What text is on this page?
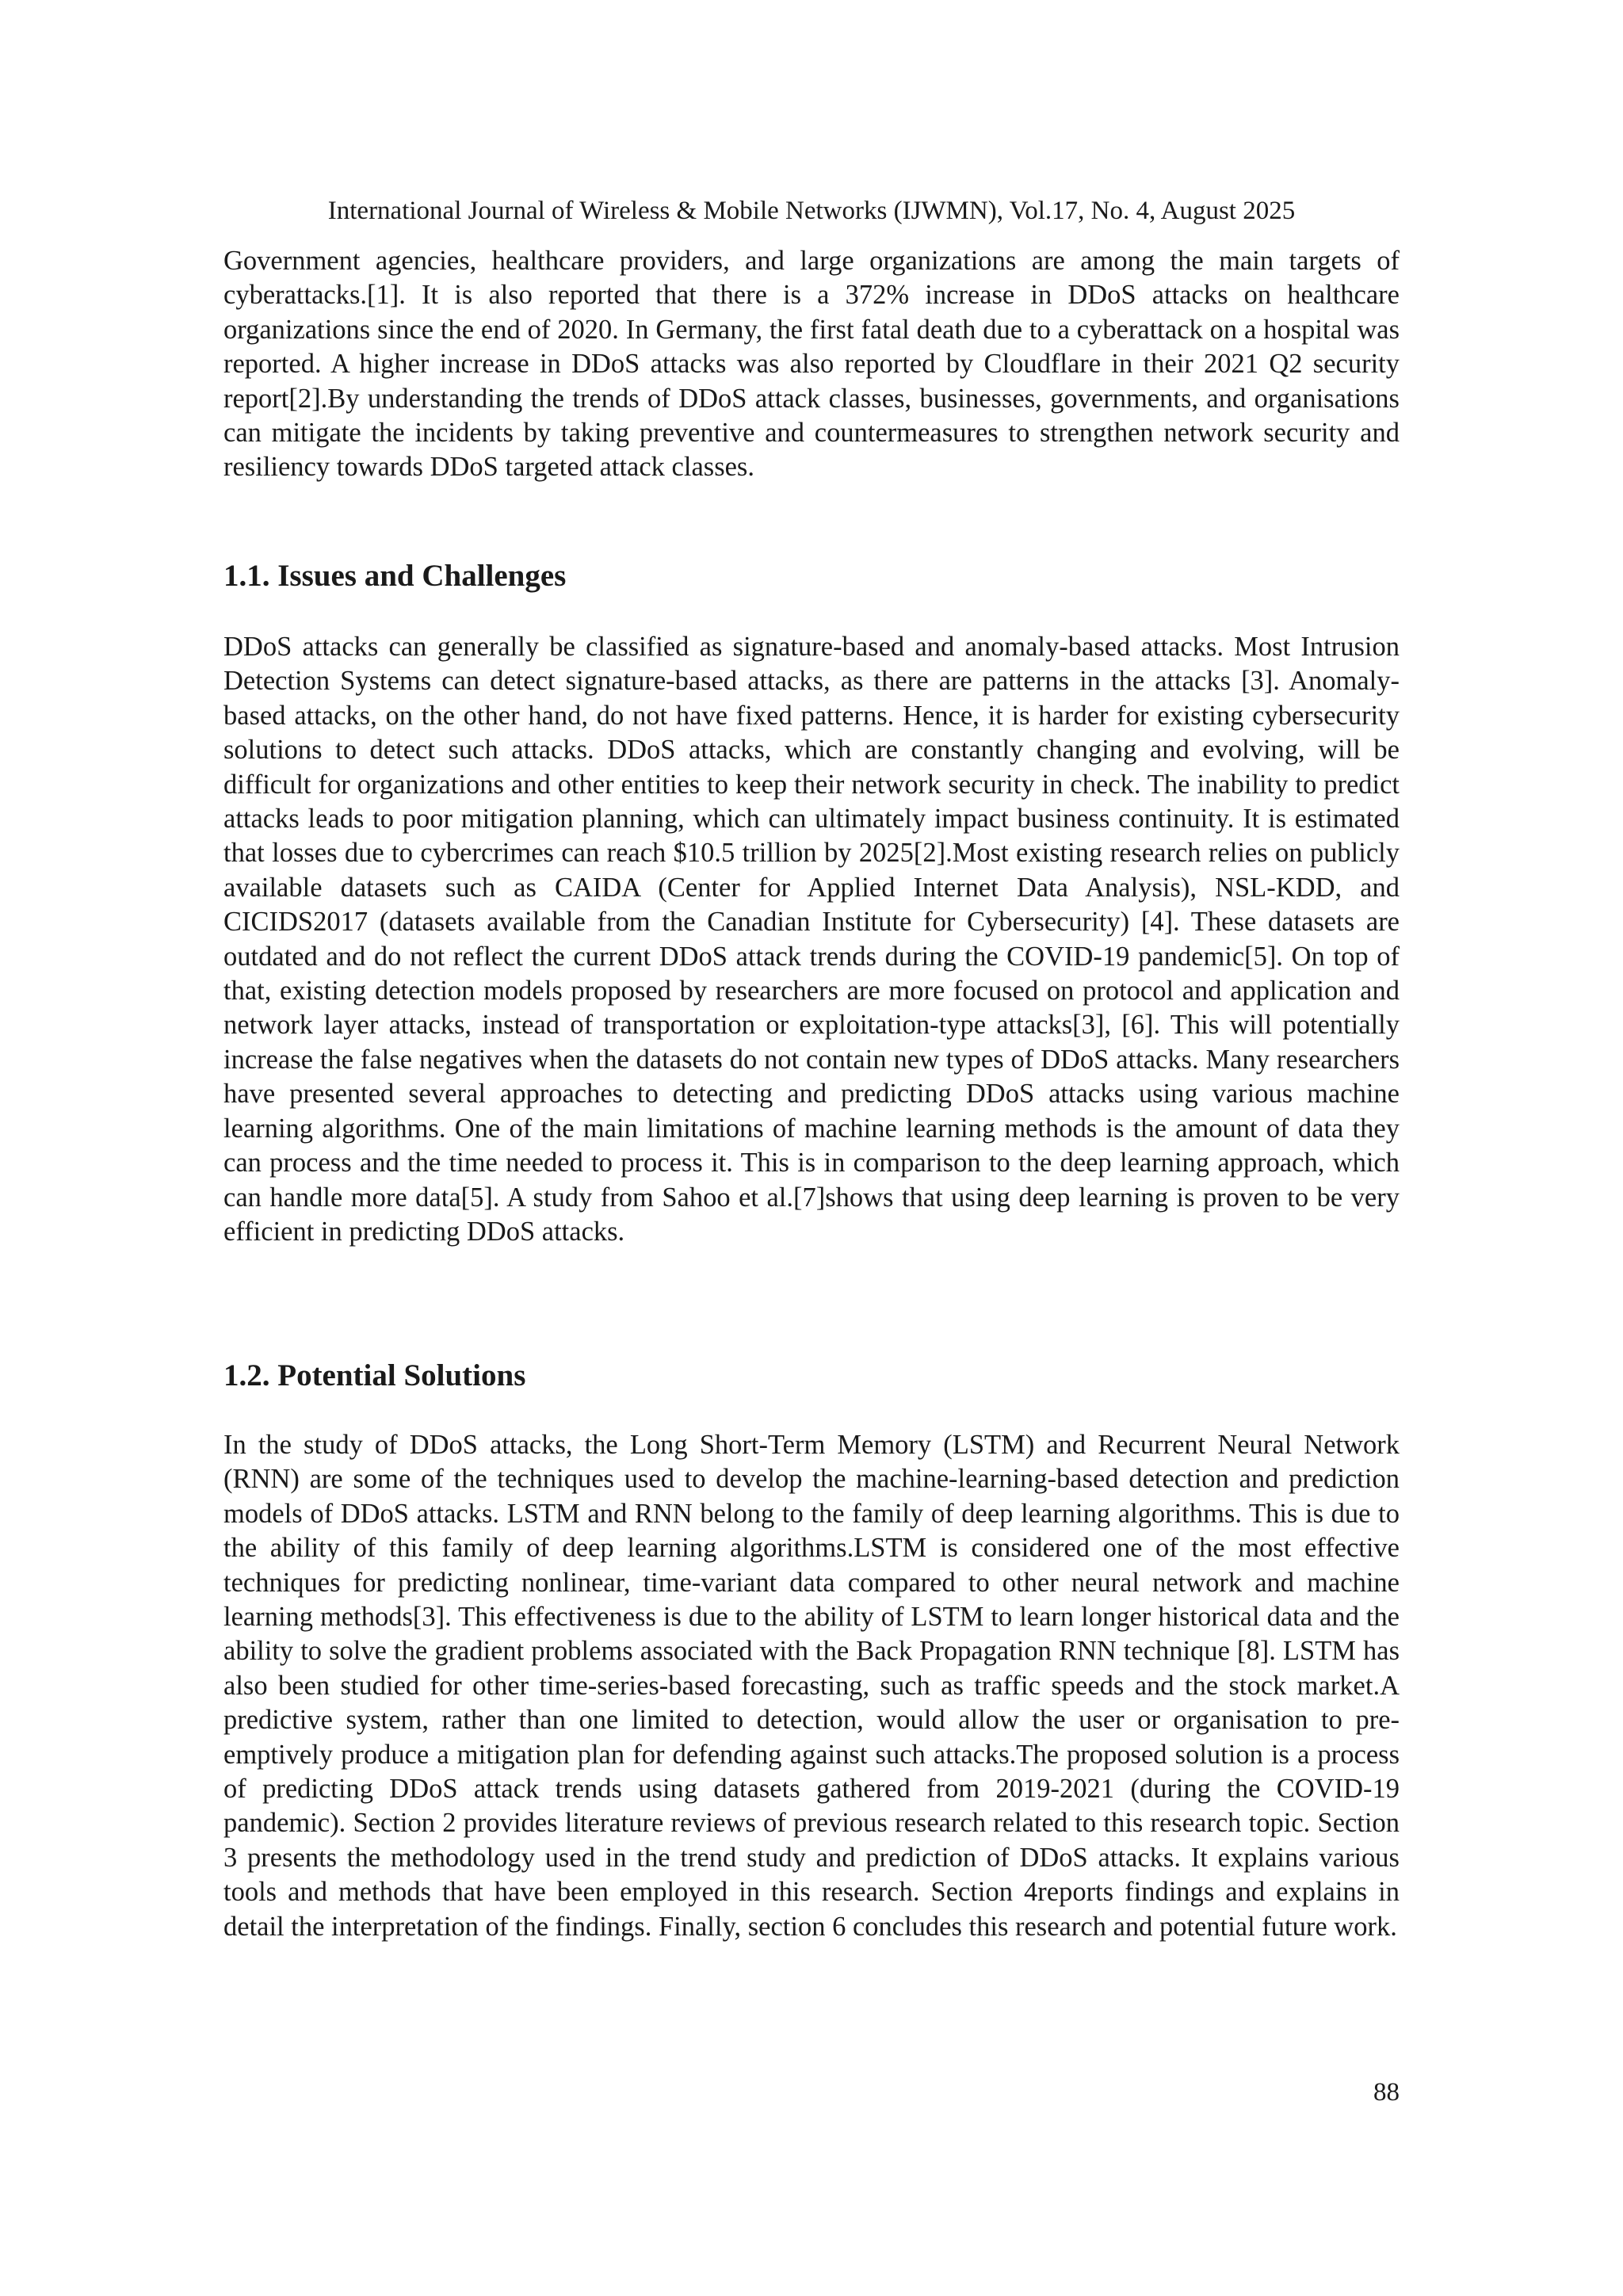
International Journal of Wireless & Mobile Networks (IJWMN), Vol.17, No. 4, August 2025

Government agencies, healthcare providers, and large organizations are among the main targets of cyberattacks.[1]. It is also reported that there is a 372% increase in DDoS attacks on healthcare organizations since the end of 2020. In Germany, the first fatal death due to a cyberattack on a hospital was reported. A higher increase in DDoS attacks was also reported by Cloudflare in their 2021 Q2 security report[2].By understanding the trends of DDoS attack classes, businesses, governments, and organisations can mitigate the incidents by taking preventive and countermeasures to strengthen network security and resiliency towards DDoS targeted attack classes.

1.1. Issues and Challenges

DDoS attacks can generally be classified as signature-based and anomaly-based attacks. Most Intrusion Detection Systems can detect signature-based attacks, as there are patterns in the attacks [3]. Anomaly-based attacks, on the other hand, do not have fixed patterns. Hence, it is harder for existing cybersecurity solutions to detect such attacks. DDoS attacks, which are constantly changing and evolving, will be difficult for organizations and other entities to keep their network security in check. The inability to predict attacks leads to poor mitigation planning, which can ultimately impact business continuity. It is estimated that losses due to cybercrimes can reach $10.5 trillion by 2025[2].Most existing research relies on publicly available datasets such as CAIDA (Center for Applied Internet Data Analysis), NSL-KDD, and CICIDS2017 (datasets available from the Canadian Institute for Cybersecurity) [4]. These datasets are outdated and do not reflect the current DDoS attack trends during the COVID-19 pandemic[5]. On top of that, existing detection models proposed by researchers are more focused on protocol and application and network layer attacks, instead of transportation or exploitation-type attacks[3], [6]. This will potentially increase the false negatives when the datasets do not contain new types of DDoS attacks. Many researchers have presented several approaches to detecting and predicting DDoS attacks using various machine learning algorithms. One of the main limitations of machine learning methods is the amount of data they can process and the time needed to process it. This is in comparison to the deep learning approach, which can handle more data[5]. A study from Sahoo et al.[7]shows that using deep learning is proven to be very efficient in predicting DDoS attacks.

1.2. Potential Solutions

In the study of DDoS attacks, the Long Short-Term Memory (LSTM) and Recurrent Neural Network (RNN) are some of the techniques used to develop the machine-learning-based detection and prediction models of DDoS attacks. LSTM and RNN belong to the family of deep learning algorithms. This is due to the ability of this family of deep learning algorithms.LSTM is considered one of the most effective techniques for predicting nonlinear, time-variant data compared to other neural network and machine learning methods[3]. This effectiveness is due to the ability of LSTM to learn longer historical data and the ability to solve the gradient problems associated with the Back Propagation RNN technique [8]. LSTM has also been studied for other time-series-based forecasting, such as traffic speeds and the stock market.A predictive system, rather than one limited to detection, would allow the user or organisation to pre-emptively produce a mitigation plan for defending against such attacks.The proposed solution is a process of predicting DDoS attack trends using datasets gathered from 2019-2021 (during the COVID-19 pandemic). Section 2 provides literature reviews of previous research related to this research topic. Section 3 presents the methodology used in the trend study and prediction of DDoS attacks. It explains various tools and methods that have been employed in this research. Section 4reports findings and explains in detail the interpretation of the findings. Finally, section 6 concludes this research and potential future work.

88
